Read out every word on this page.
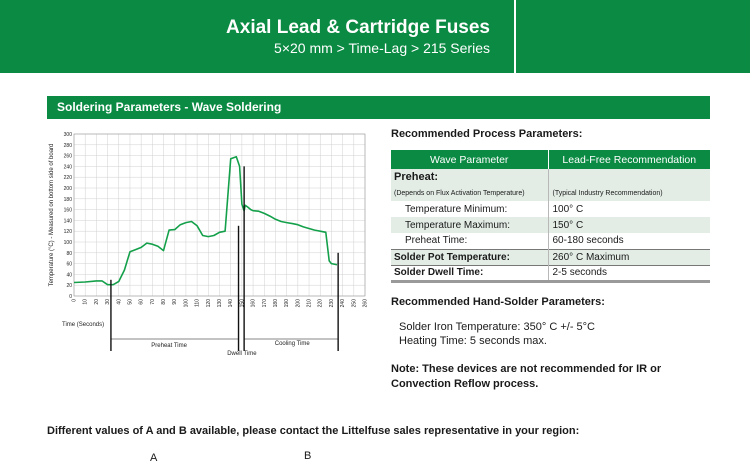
Axial Lead & Cartridge Fuses
5×20 mm > Time-Lag > 215 Series
Soldering Parameters - Wave Soldering
0
20
40
60
80
100
120
140
160
180
200
220
240
260
280
300
0 10 20 30 40 50 60 70 80 90 100 110 120 130 140 150 160 170 180 190 200 210 220 230 240 250 260
Temperature (°C) - Measured on bottom side of board
Time (Seconds)
Preheat Time
Dwell Time
Cooling Time
Recommended Process Parameters:
Wave Parameter	Lead-Free Recommendation
Preheat:	
(Depends on Flux Activation Temperature)	(Typical Industry Recommendation)
Temperature Minimum:	100° C
Temperature Maximum:	150° C
Preheat Time:	60-180 seconds
Solder Pot Temperature:	260° C Maximum
Solder Dwell Time:	2-5 seconds
Recommended Hand-Solder Parameters:
Solder Iron Temperature: 350° C +/- 5°C
Heating Time: 5 seconds max.
Note: These devices are not recommended for IR or
Convection Reflow process.
Different values of A and B available, please contact the Littelfuse sales representative in your region:
A	B
